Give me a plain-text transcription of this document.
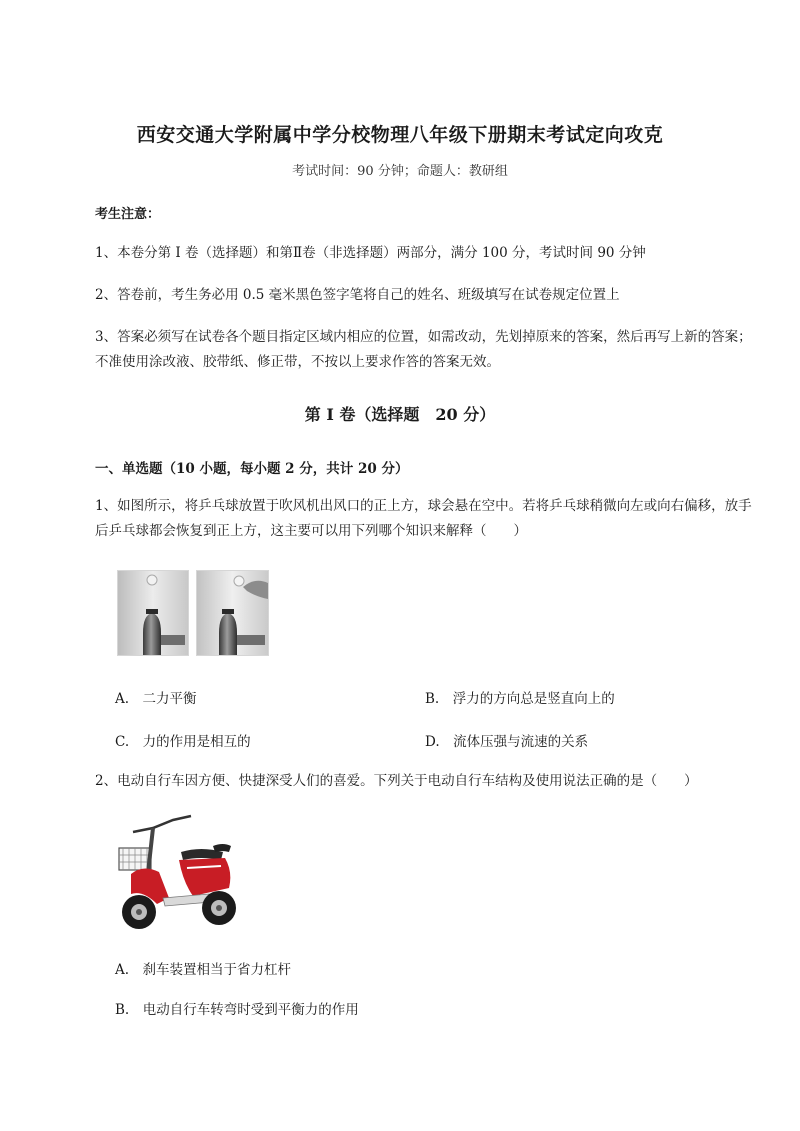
西安交通大学附属中学分校物理八年级下册期末考试定向攻克
考试时间：90 分钟；命题人：教研组
考生注意：
1、本卷分第 I 卷（选择题）和第Ⅱ卷（非选择题）两部分，满分 100 分，考试时间 90 分钟
2、答卷前，考生务必用 0.5 毫米黑色签字笔将自己的姓名、班级填写在试卷规定位置上
3、答案必须写在试卷各个题目指定区域内相应的位置，如需改动，先划掉原来的答案，然后再写上新的答案；不准使用涂改液、胶带纸、修正带，不按以上要求作答的答案无效。
第 I 卷（选择题　20 分）
一、单选题（10 小题，每小题 2 分，共计 20 分）
1、如图所示，将乒乓球放置于吹风机出风口的正上方，球会悬在空中。若将乒乓球稍微向左或向右偏移，放手后乒乓球都会恢复到正上方，这主要可以用下列哪个知识来解释（　　）
A.　二力平衡	B.　浮力的方向总是竖直向上的
C.　力的作用是相互的	D.　流体压强与流速的关系
2、电动自行车因方便、快捷深受人们的喜爱。下列关于电动自行车结构及使用说法正确的是（　　）
A.　刹车装置相当于省力杠杆
B.　电动自行车转弯时受到平衡力的作用
